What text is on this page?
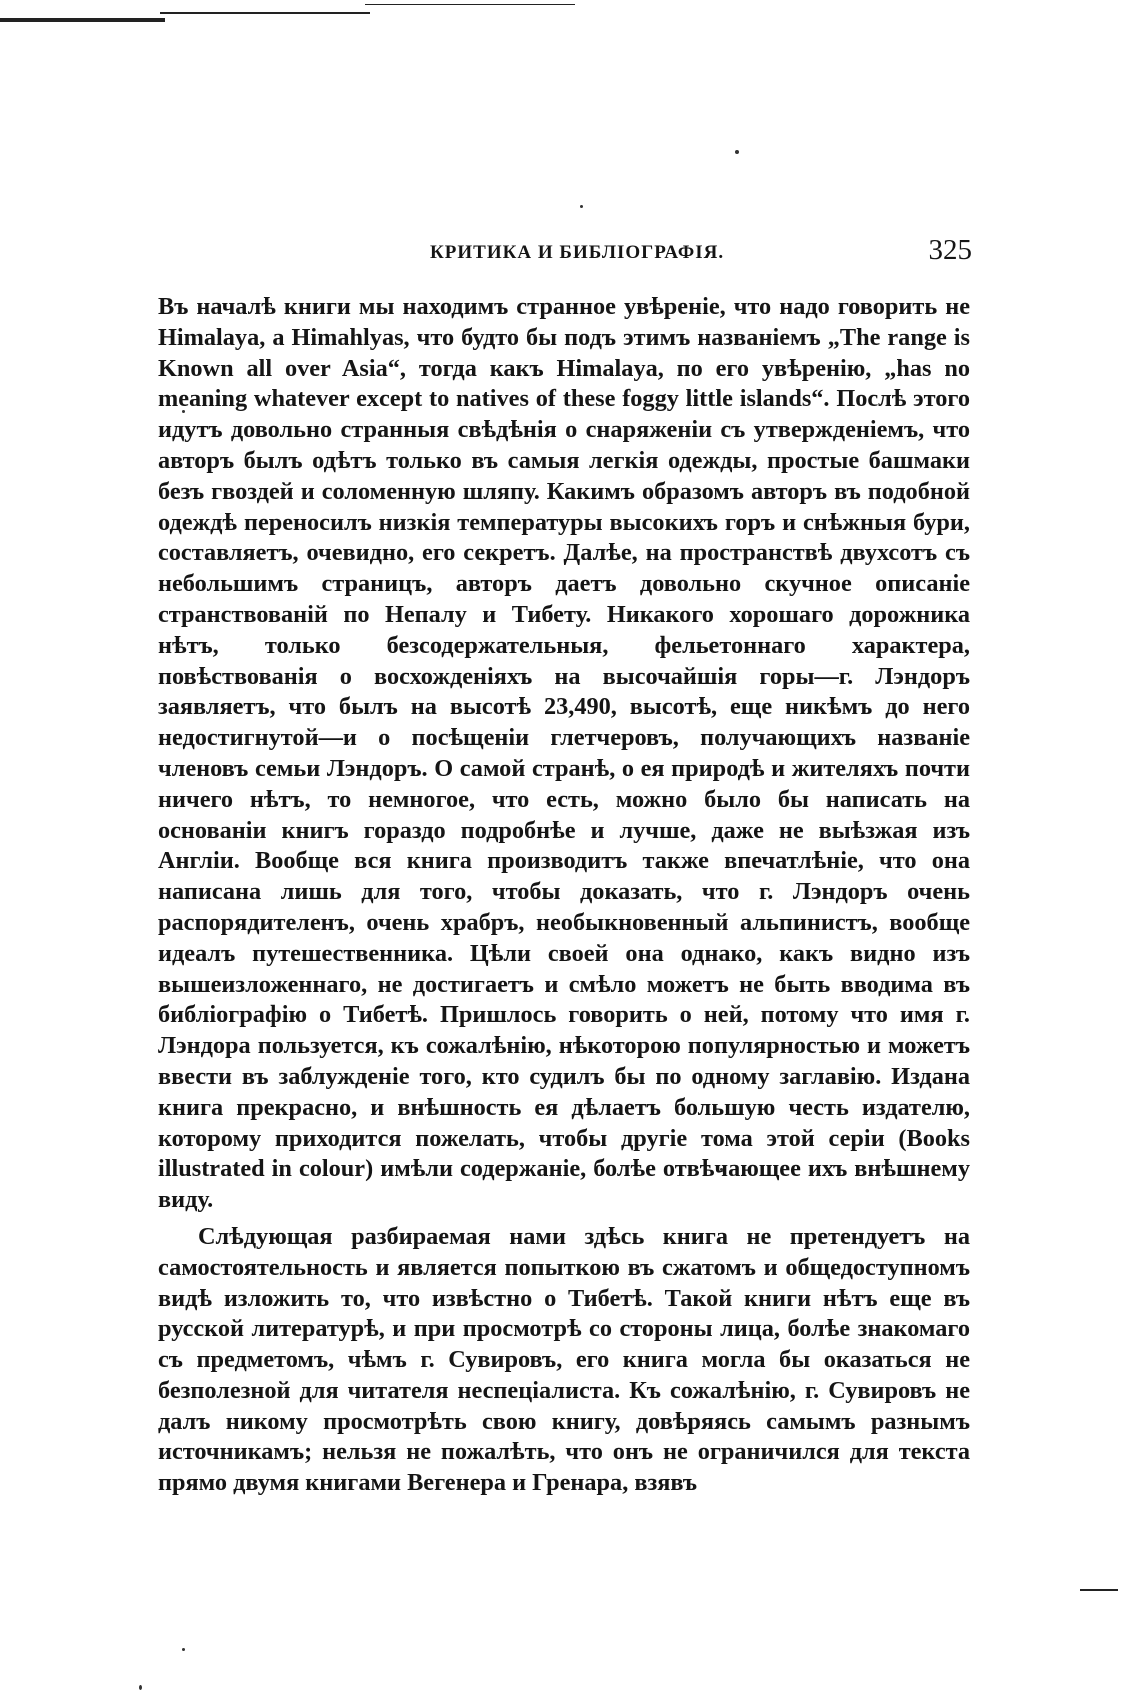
КРИТИКА И БИБЛIОГРАФIЯ.	325

Въ началѣ книги мы находимъ странное увѣренiе, что надо говорить не Himalaya, a Himahlyas, что будто бы подъ этимъ названiемъ „The range is Known all over Asia“, тогда какъ Himalaya, по его увѣренiю, „has no meaning whatever except to natives of these foggy little islands“. Послѣ этого идутъ довольно странныя свѣдѣнiя о снаряженiи съ утвержденiемъ, что авторъ былъ одѣтъ только въ самыя легкiя одежды, простые башмаки безъ гвоздей и соломенную шляпу. Какимъ образомъ авторъ въ подобной одеждѣ переносилъ низкiя температуры высокихъ горъ и снѣжныя бури, составляетъ, очевидно, его секретъ. Далѣе, на пространствѣ двухсотъ съ небольшимъ страницъ, авторъ даетъ довольно скучное описанiе странствованiй по Непалу и Тибету. Никакого хорошаго дорожника нѣтъ, только безсодержательныя, фельетоннаго характера, повѣствованiя о восхожденiяхъ на высочайшiя горы—г. Лэндоръ заявляетъ, что былъ на высотѣ 23,490, высотѣ, еще никѣмъ до него недостигнутой—и о посѣщенiи глетчеровъ, получающихъ названiе членовъ семьи Лэндоръ. О самой странѣ, о ея природѣ и жителяхъ почти ничего нѣтъ, то немногое, что есть, можно было бы написать на основанiи книгъ гораздо подробнѣе и лучше, даже не выѣзжая изъ Англiи. Вообще вся книга производитъ также впечатлѣнiе, что она написана лишь для того, чтобы доказать, что г. Лэндоръ очень распорядителенъ, очень храбръ, необыкновенный альпинистъ, вообще идеалъ путешественника. Цѣли своей она однако, какъ видно изъ вышеизложеннаго, не достигаетъ и смѣло можетъ не быть вводима въ библiографiю о Тибетѣ. Пришлось говорить о ней, потому что имя г. Лэндора пользуется, къ сожалѣнiю, нѣкоторою популярностью и можетъ ввести въ заблужденiе того, кто судилъ бы по одному заглавiю. Издана книга прекрасно, и внѣшность ея дѣлаетъ большую честь издателю, которому приходится пожелать, чтобы другiе тома этой серiи (Books illustrated in colour) имѣли содержанiе, болѣе отвѣчающее ихъ внѣшнему виду.

Слѣдующая разбираемая нами здѣсь книга не претендуетъ на самостоятельность и является попыткою въ сжатомъ и общедоступномъ видѣ изложить то, что извѣстно о Тибетѣ. Такой книги нѣтъ еще въ русской литературѣ, и при просмотрѣ со стороны лица, болѣе знакомаго съ предметомъ, чѣмъ г. Сувировъ, его книга могла бы оказаться не безполезной для читателя неспецiалиста. Къ сожалѣнiю, г. Сувировъ не далъ никому просмотрѣть свою книгу, довѣряясь самымъ разнымъ источникамъ; нельзя не пожалѣть, что онъ не ограничился для текста прямо двумя книгами Вегенера и Гренара, взявъ
